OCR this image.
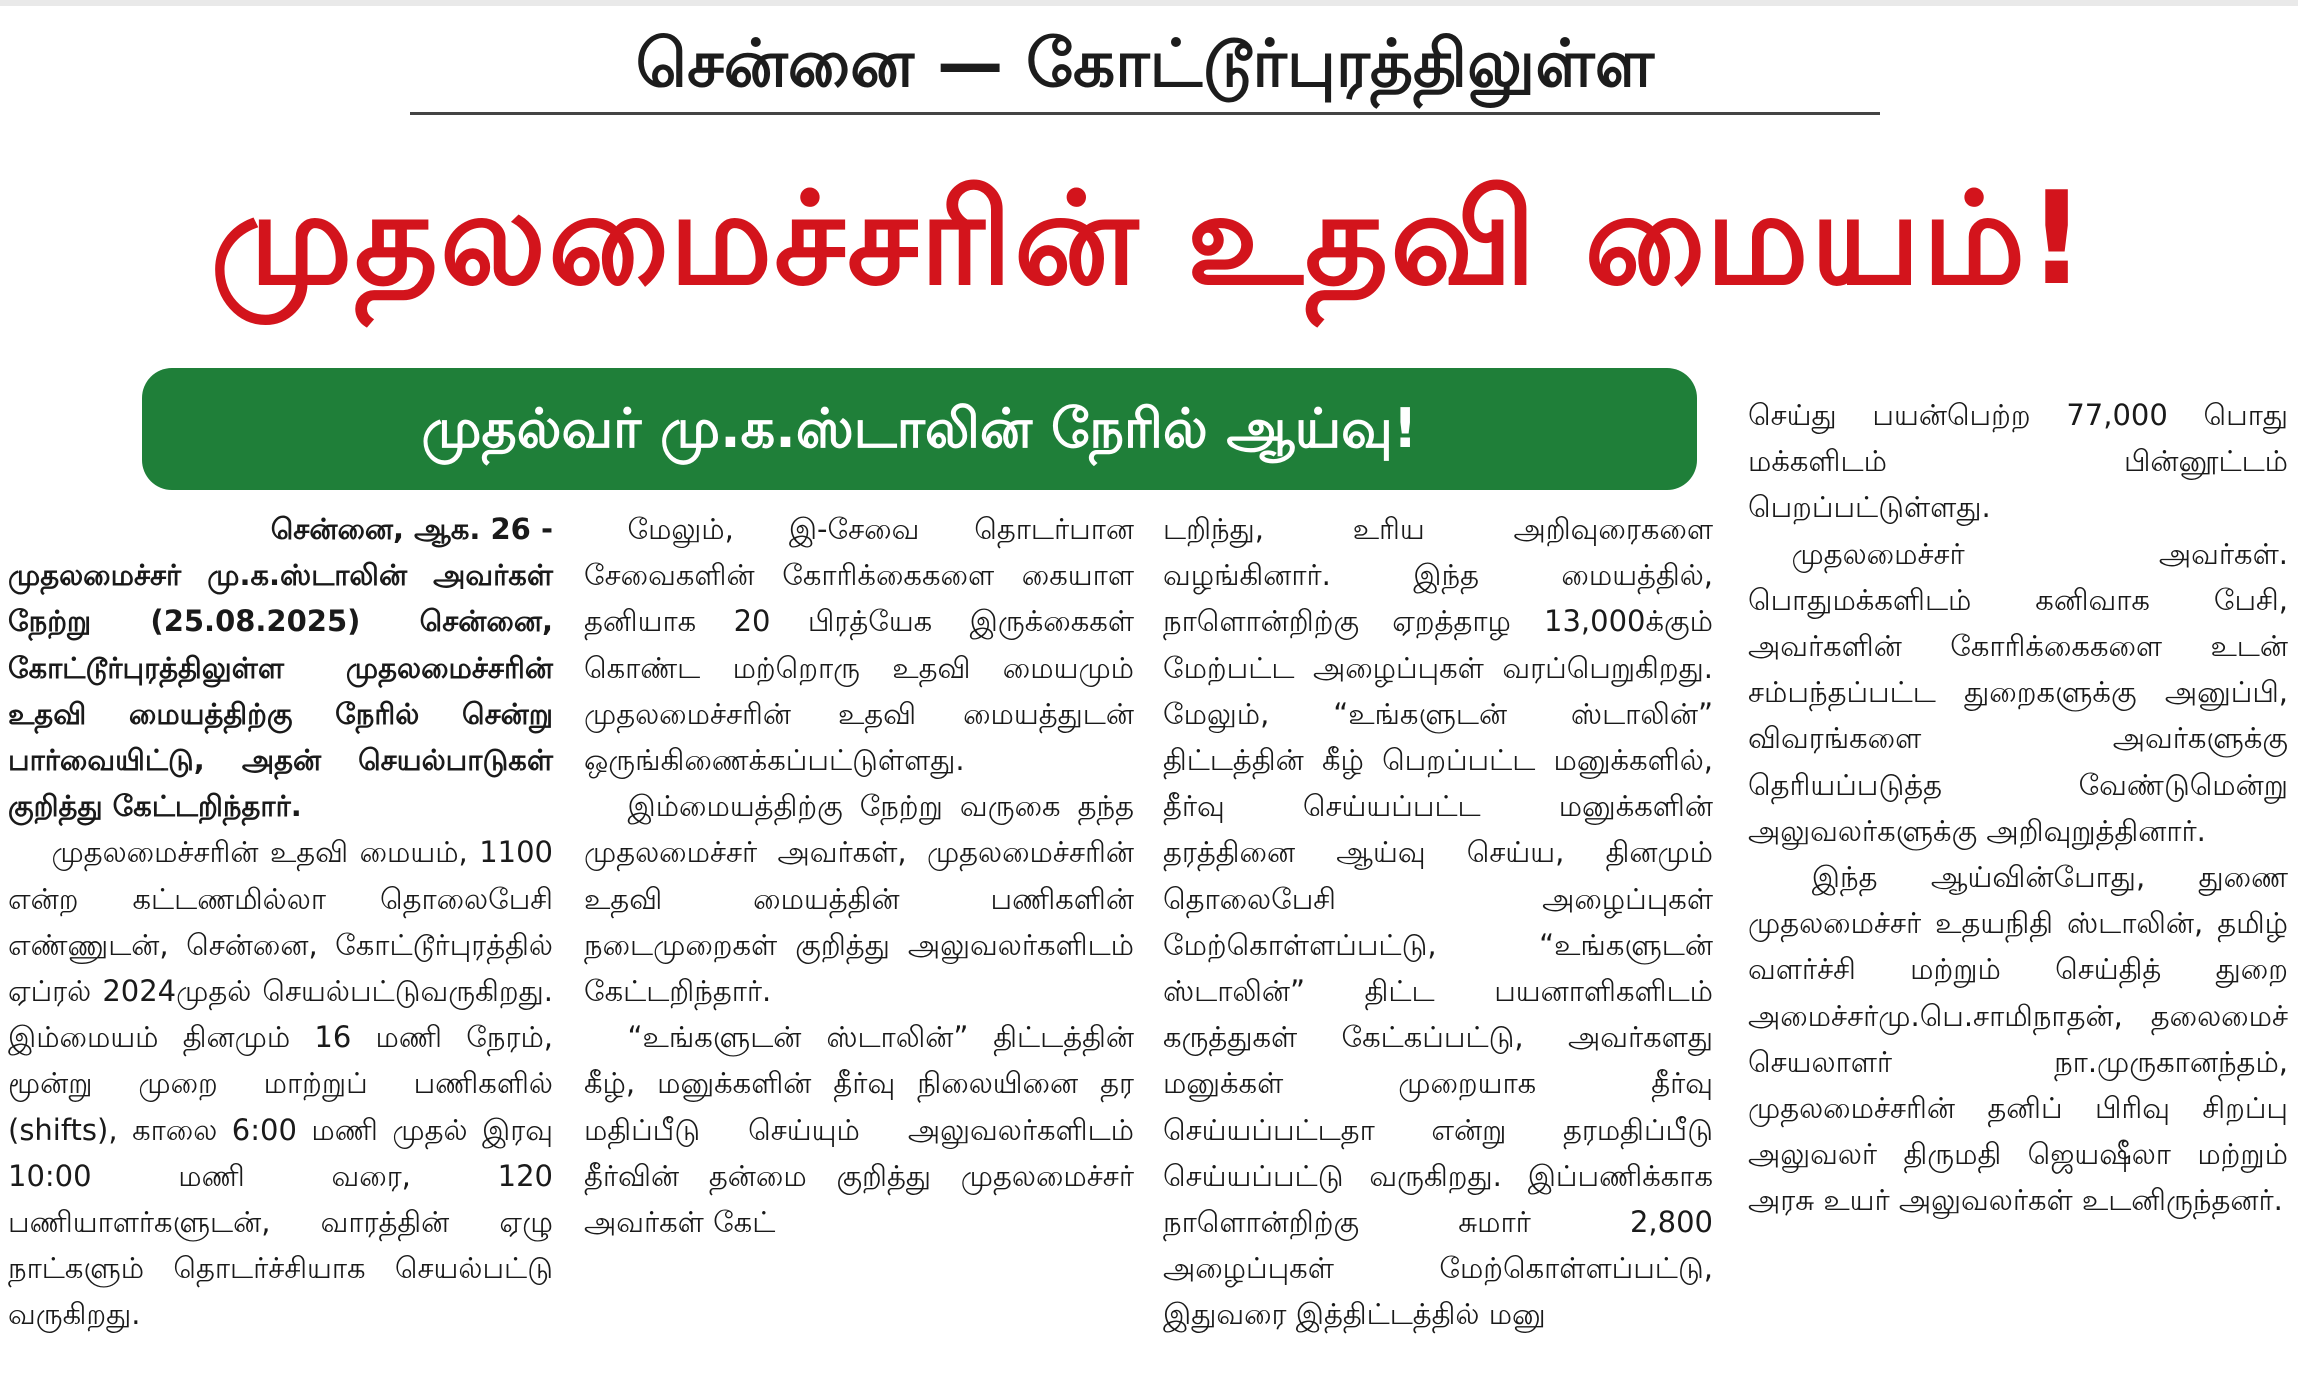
சென்னை — கோட்டூர்புரத்திலுள்ள
முதலமைச்சரின் உதவி மையம்!
முதல்வர் மு.க.ஸ்டாலின் நேரில் ஆய்வு!

சென்னை, ஆக. 26 -

முதலமைச்சர் மு.க.ஸ்டாலின் அவர்கள் நேற்று (25.08.2025) சென்னை, கோட்டூர்புரத்திலுள்ள முதலமைச்சரின் உதவி மையத்திற்கு நேரில் சென்று பார்வையிட்டு, அதன் செயல்பாடுகள் குறித்து கேட்டறிந்தார்.

முதலமைச்சரின் உதவி மையம், 1100 என்ற கட்டணமில்லா தொலைபேசி எண்ணுடன், சென்னை, கோட்டூர்புரத்தில் ஏப்ரல் 2024முதல் செயல்பட்டுவருகிறது. இம்மையம் தினமும் 16 மணி நேரம், மூன்று முறை மாற்றுப் பணிகளில் (shifts), காலை 6:00 மணி முதல் இரவு 10:00 மணி வரை, 120 பணியாளர்களுடன், வாரத்தின் ஏழு நாட்களும் தொடர்ச்சியாக செயல்பட்டு வருகிறது.

மேலும், இ-சேவை தொடர்பான சேவைகளின் கோரிக்கைகளை கையாள தனியாக 20 பிரத்யேக இருக்கைகள் கொண்ட மற்றொரு உதவி மையமும் முதலமைச்சரின் உதவி மையத்துடன் ஒருங்கிணைக்கப்பட்டுள்ளது.

இம்மையத்திற்கு நேற்று வருகை தந்த முதலமைச்சர் அவர்கள், முதலமைச்சரின் உதவி மையத்தின் பணிகளின் நடைமுறைகள் குறித்து அலுவலர்களிடம் கேட்டறிந்தார்.

“உங்களுடன் ஸ்டாலின்” திட்டத்தின் கீழ், மனுக்களின் தீர்வு நிலையினை தர மதிப்பீடு செய்யும் அலுவலர்களிடம் தீர்வின் தன்மை குறித்து முதலமைச்சர் அவர்கள் கேட்

டறிந்து, உரிய அறிவுரைகளை வழங்கினார். இந்த மையத்தில், நாளொன்றிற்கு ஏறத்தாழ 13,000க்கும் மேற்பட்ட அழைப்புகள் வரப்பெறுகிறது. மேலும், “உங்களுடன் ஸ்டாலின்” திட்டத்தின் கீழ் பெறப்பட்ட மனுக்களில், தீர்வு செய்யப்பட்ட மனுக்களின் தரத்தினை ஆய்வு செய்ய, தினமும் தொலைபேசி அழைப்புகள் மேற்கொள்ளப்பட்டு, “உங்களுடன் ஸ்டாலின்” திட்ட பயனாளிகளிடம் கருத்துகள் கேட்கப்பட்டு, அவர்களது மனுக்கள் முறையாக தீர்வு செய்யப்பட்டதா என்று தரமதிப்பீடு செய்யப்பட்டு வருகிறது. இப்பணிக்காக நாளொன்றிற்கு சுமார் 2,800 அழைப்புகள் மேற்கொள்ளப்பட்டு, இதுவரை இத்திட்டத்தில் மனு

செய்து பயன்பெற்ற 77,000 பொது மக்களிடம் பின்னூட்டம் பெறப்பட்டுள்ளது.

முதலமைச்சர் அவர்கள். பொதுமக்களிடம் கனிவாக பேசி, அவர்களின் கோரிக்கைகளை உடன் சம்பந்தப்பட்ட துறைகளுக்கு அனுப்பி, விவரங்களை அவர்களுக்கு தெரியப்படுத்த வேண்டுமென்று அலுவலர்களுக்கு அறிவுறுத்தினார்.

இந்த ஆய்வின்போது, துணை முதலமைச்சர் உதயநிதி ஸ்டாலின், தமிழ் வளர்ச்சி மற்றும் செய்தித் துறை அமைச்சர்மு.பெ.சாமிநாதன், தலைமைச் செயலாளர் நா.முருகானந்தம், முதலமைச்சரின் தனிப் பிரிவு சிறப்பு அலுவலர் திருமதி ஜெயஷீலா மற்றும் அரசு உயர் அலுவலர்கள் உடனிருந்தனர்.
